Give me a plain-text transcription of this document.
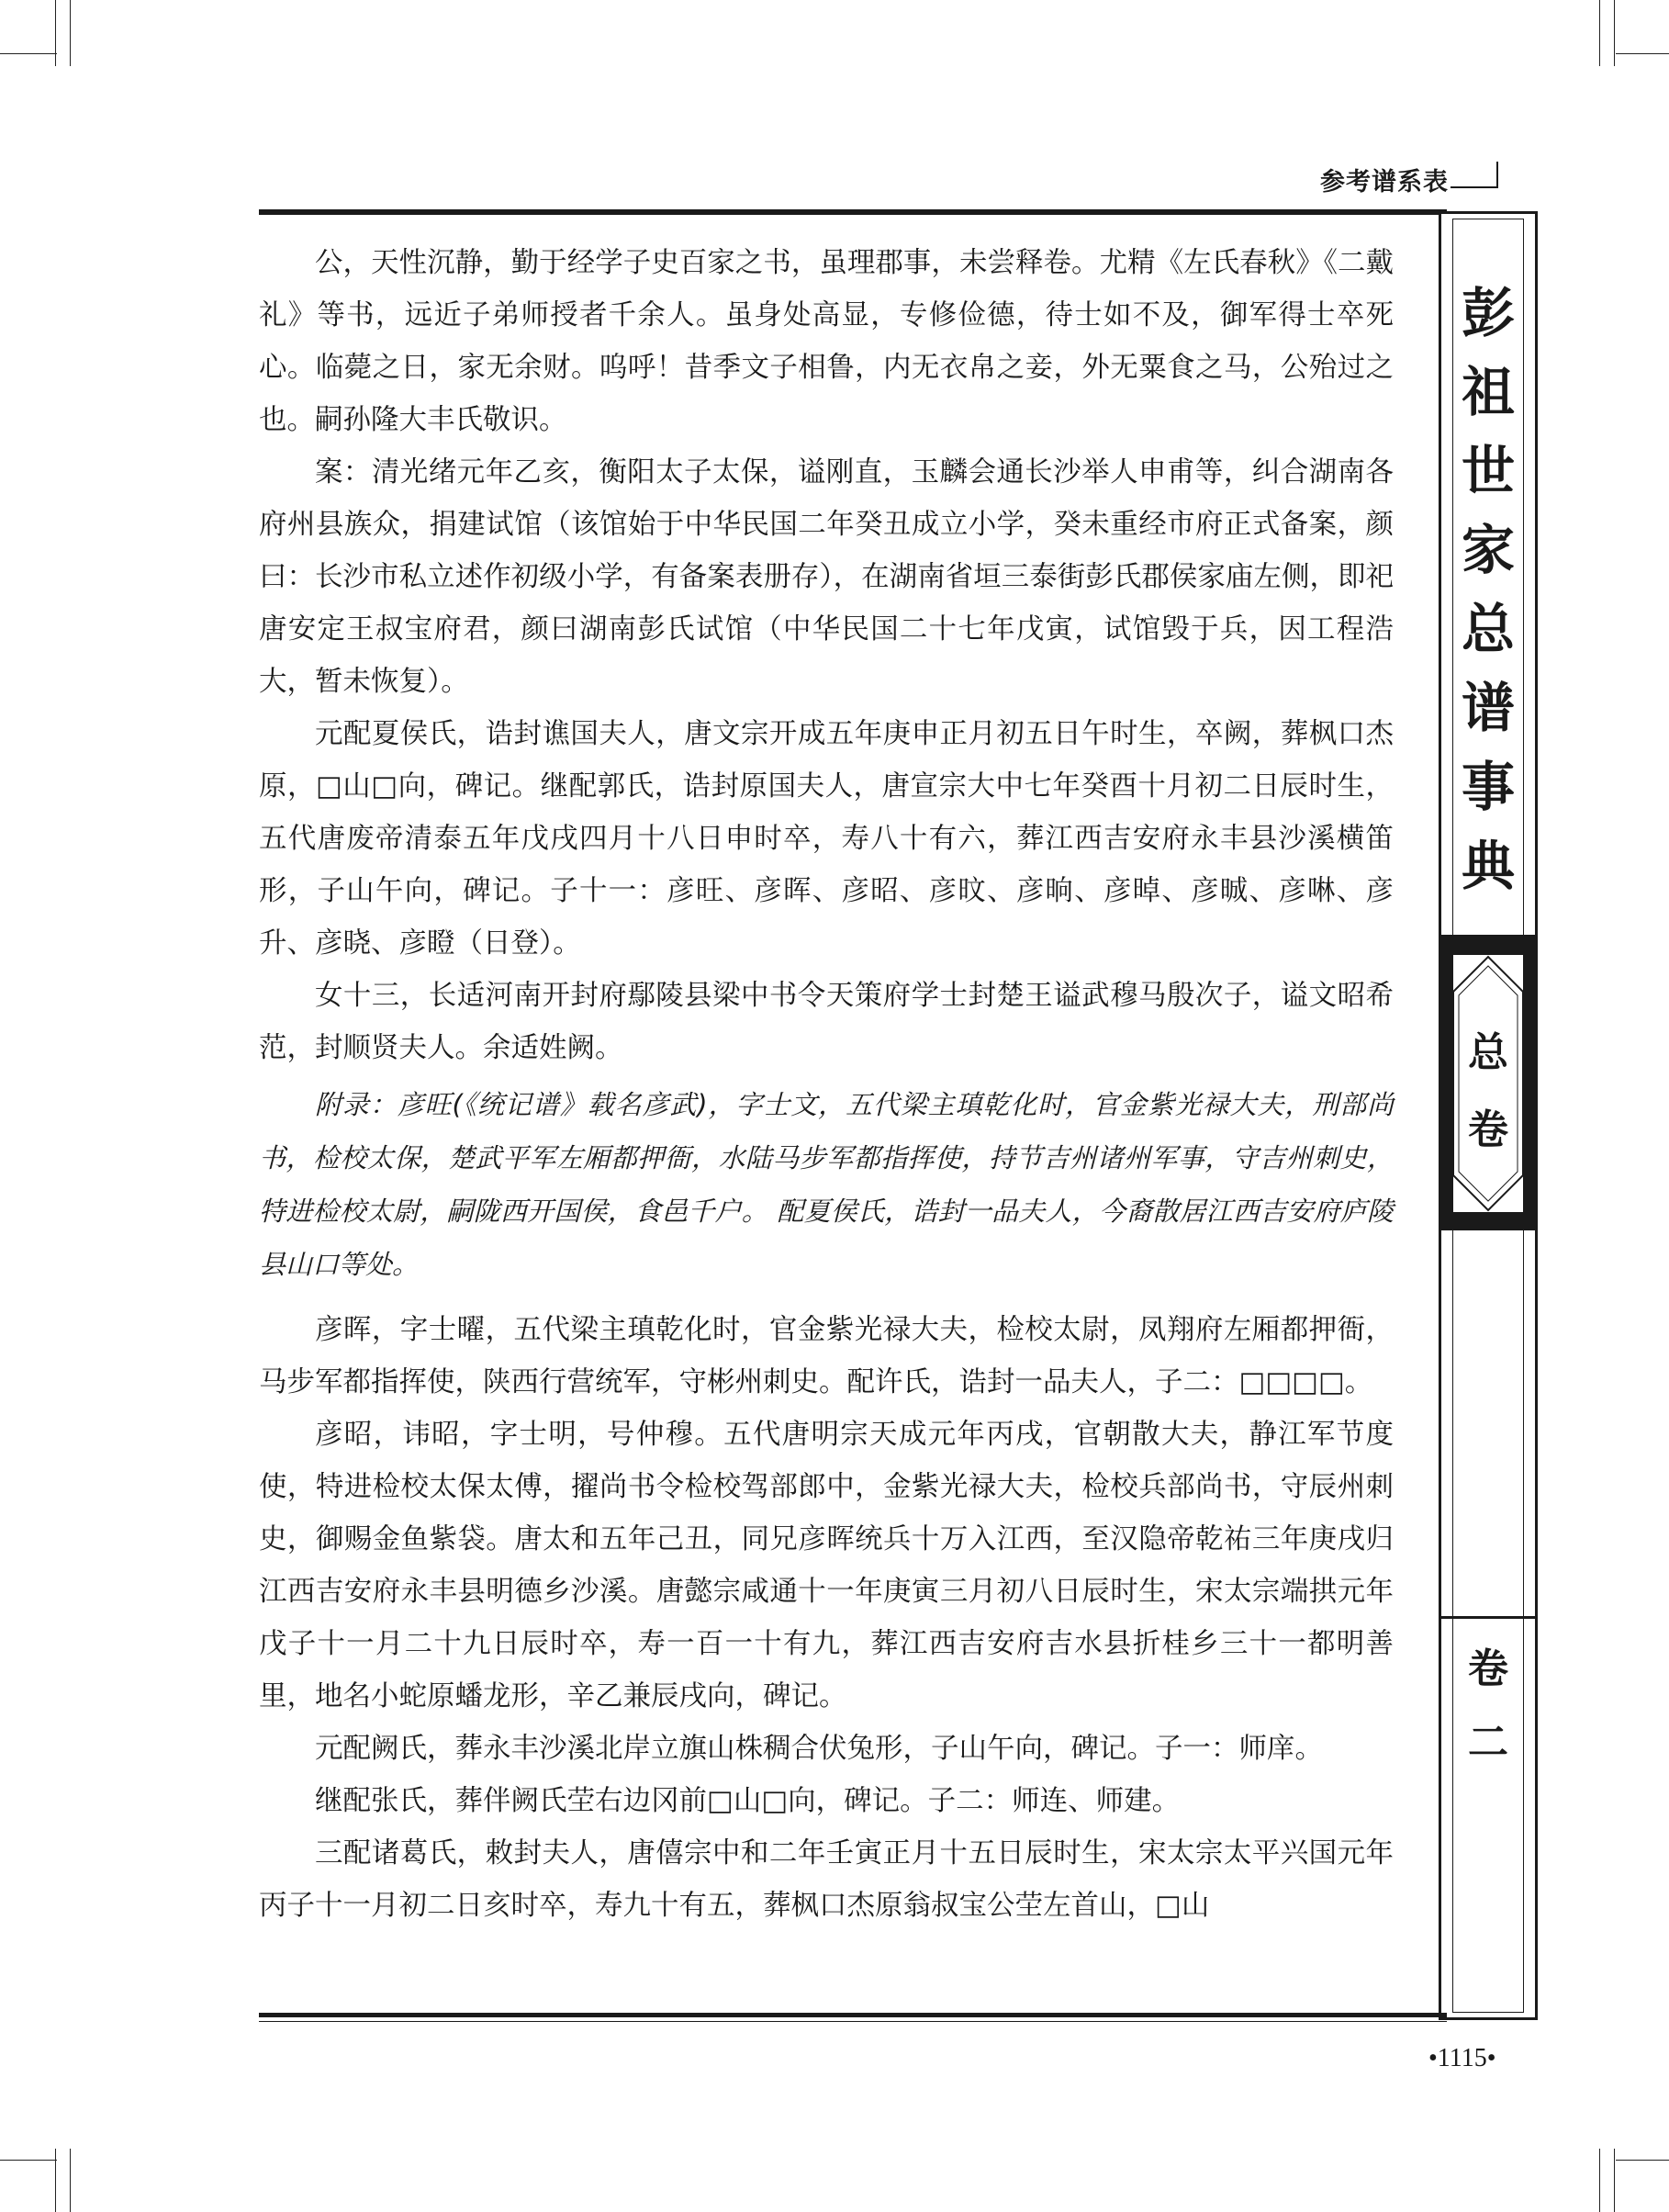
参考谱系表
彭
祖
世
家
总
谱
事
典
总
卷
卷
二

公，天性沉静，勤于经学子史百家之书，虽理郡事，未尝释卷。尤精《左氏春秋》《二戴礼》等书，远近子弟师授者千余人。虽身处高显，专修俭德，待士如不及，御军得士卒死心。临薨之日，家无余财。呜呼！昔季文子相鲁，内无衣帛之妾，外无粟食之马，公殆过之也。嗣孙隆大丰氏敬识。

案：清光绪元年乙亥，衡阳太子太保，谥刚直，玉麟会通长沙举人申甫等，纠合湖南各府州县族众，捐建试馆（该馆始于中华民国二年癸丑成立小学，癸未重经市府正式备案，颜曰：长沙市私立述作初级小学，有备案表册存），在湖南省垣三泰街彭氏郡侯家庙左侧，即祀唐安定王叔宝府君，颜曰湖南彭氏试馆（中华民国二十七年戊寅，试馆毁于兵，因工程浩大，暂未恢复）。

元配夏侯氏，诰封谯国夫人，唐文宗开成五年庚申正月初五日午时生，卒阙，葬枫口杰原，□山□向，碑记。继配郭氏，诰封原国夫人，唐宣宗大中七年癸酉十月初二日辰时生，五代唐废帝清泰五年戊戌四月十八日申时卒，寿八十有六，葬江西吉安府永丰县沙溪横笛形，子山午向，碑记。子十一：彦旺、彦晖、彦昭、彦旼、彦晌、彦晫、彦晠、彦啉、彦升、彦晓、彦瞪（日登）。

女十三，长适河南开封府鄢陵县梁中书令天策府学士封楚王谥武穆马殷次子，谥文昭希范，封顺贤夫人。余适姓阙。

附录：彦旺(《统记谱》载名彦武)，字士文，五代梁主瑱乾化时，官金紫光禄大夫，刑部尚书，检校太保，楚武平军左厢都押衙，水陆马步军都指挥使，持节吉州诸州军事，守吉州刺史，特进检校太尉，嗣陇西开国侯，食邑千户。 配夏侯氏，诰封一品夫人，今裔散居江西吉安府庐陵县山口等处。

彦晖，字士曜，五代梁主瑱乾化时，官金紫光禄大夫，检校太尉，凤翔府左厢都押衙，马步军都指挥使，陕西行营统军，守彬州刺史。配许氏，诰封一品夫人，子二：□□□□。

彦昭，讳昭，字士明，号仲穆。五代唐明宗天成元年丙戌，官朝散大夫，静江军节度使，特进检校太保太傅，擢尚书令检校驾部郎中，金紫光禄大夫，检校兵部尚书，守辰州刺史，御赐金鱼紫袋。唐太和五年己丑，同兄彦晖统兵十万入江西，至汉隐帝乾祐三年庚戌归江西吉安府永丰县明德乡沙溪。唐懿宗咸通十一年庚寅三月初八日辰时生，宋太宗端拱元年戊子十一月二十九日辰时卒，寿一百一十有九，葬江西吉安府吉水县折桂乡三十一都明善里，地名小蛇原蟠龙形，辛乙兼辰戌向，碑记。

元配阙氏，葬永丰沙溪北岸立旗山株稠合伏兔形，子山午向，碑记。子一：师庠。

继配张氏，葬伴阙氏茔右边冈前□山□向，碑记。子二：师连、师建。

三配诸葛氏，敕封夫人，唐僖宗中和二年壬寅正月十五日辰时生，宋太宗太平兴国元年丙子十一月初二日亥时卒，寿九十有五，葬枫口杰原翁叔宝公茔左首山，□山

•1115•
